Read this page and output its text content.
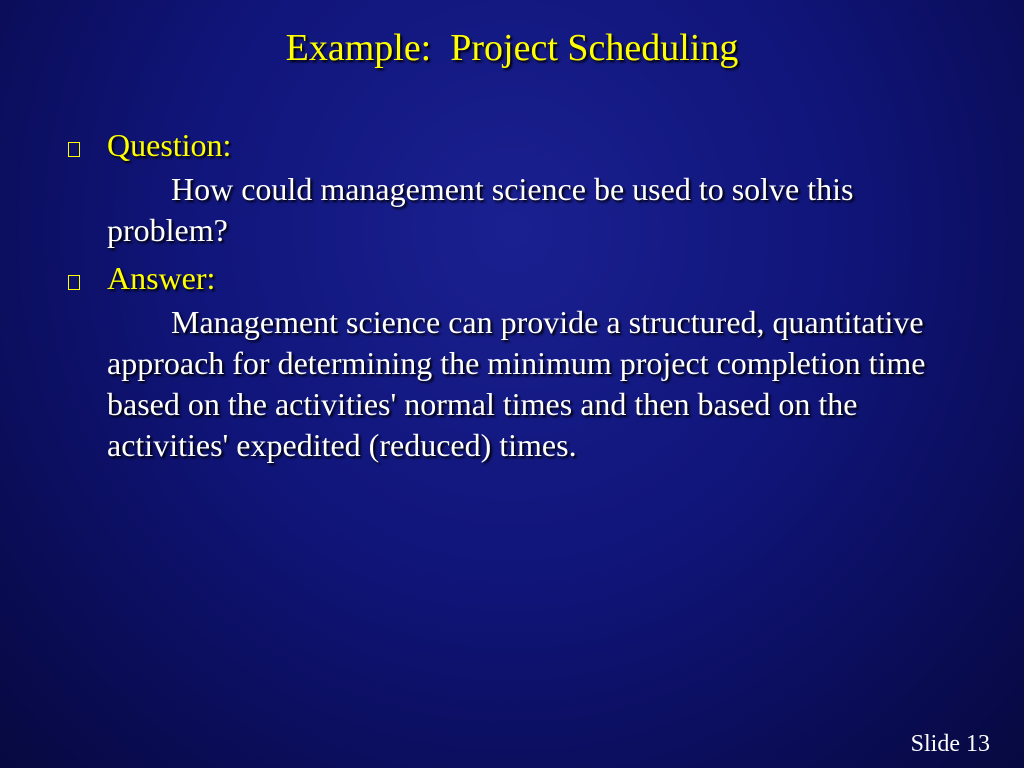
Example:  Project Scheduling
Question:
How could management science be used to solve this problem?
Answer:
Management science can provide a structured, quantitative approach for determining the minimum project completion time based on the activities' normal times and then based on the activities' expedited (reduced) times.
Slide 13
